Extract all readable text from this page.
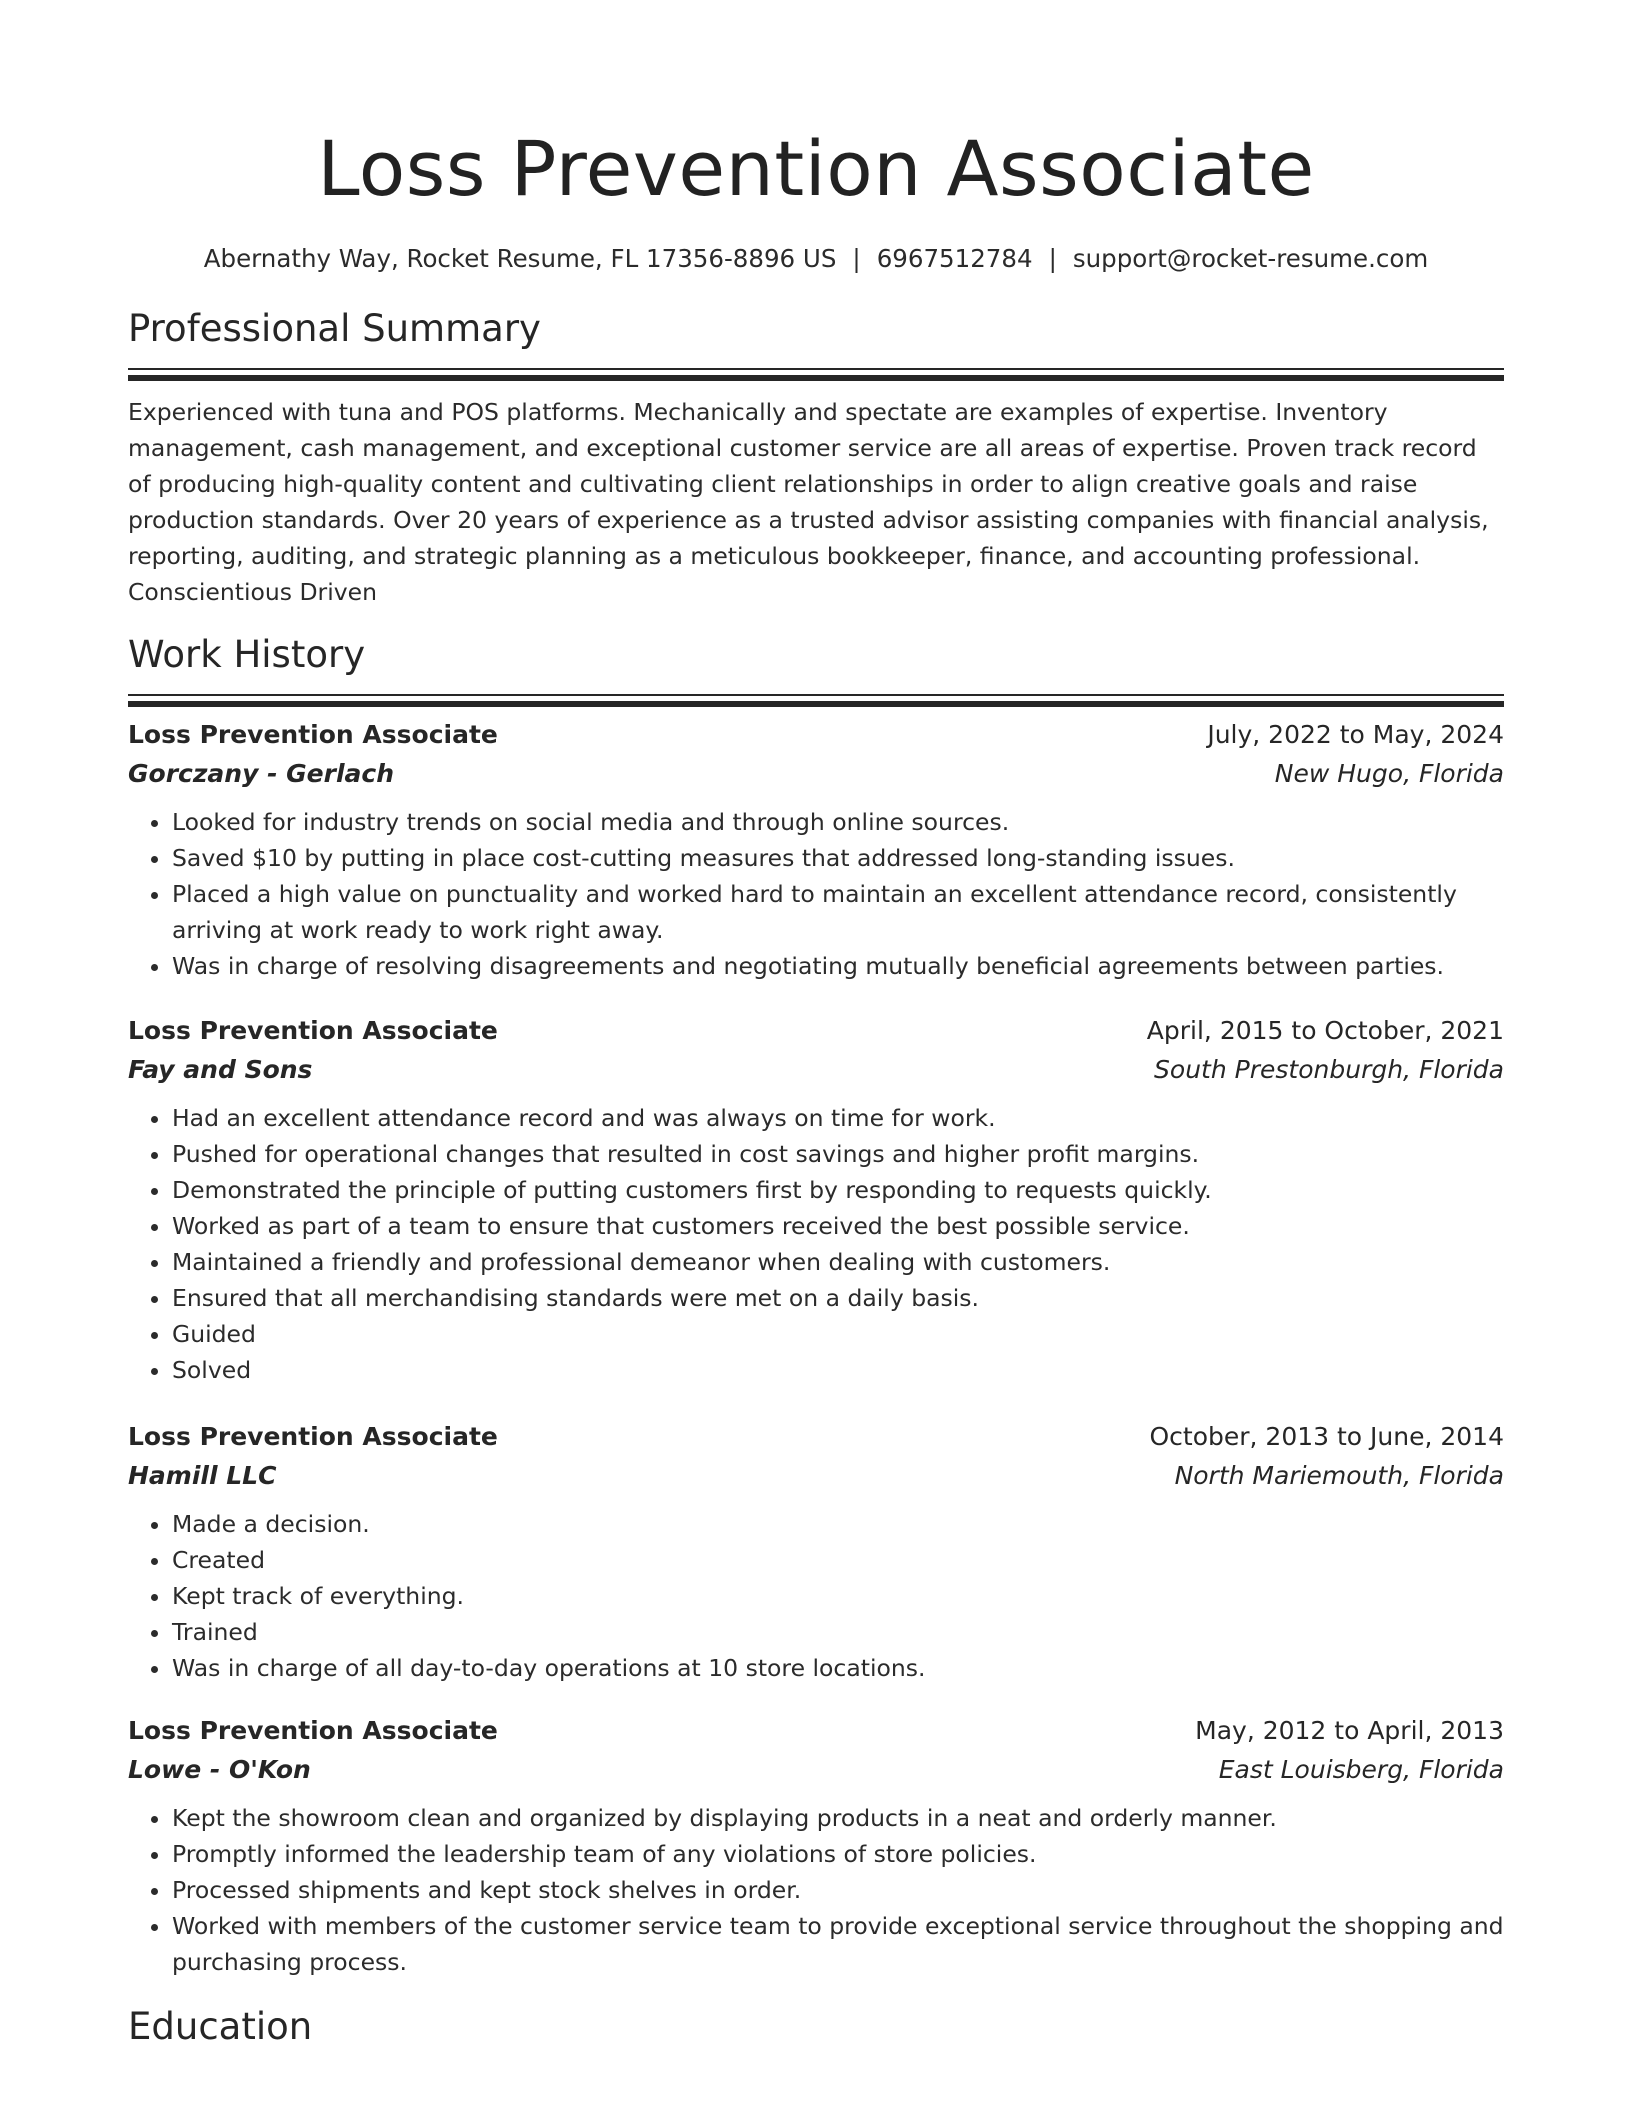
Loss Prevention Associate
Abernathy Way, Rocket Resume, FL 17356-8896 US | 6967512784 | support@rocket-resume.com
Professional Summary
Experienced with tuna and POS platforms. Mechanically and spectate are examples of expertise. Inventory management, cash management, and exceptional customer service are all areas of expertise. Proven track record of producing high-quality content and cultivating client relationships in order to align creative goals and raise production standards. Over 20 years of experience as a trusted advisor assisting companies with financial analysis, reporting, auditing, and strategic planning as a meticulous bookkeeper, finance, and accounting professional. Conscientious Driven
Work History
Loss Prevention Associate	July, 2022 to May, 2024
Gorczany - Gerlach	New Hugo, Florida
• Looked for industry trends on social media and through online sources.
• Saved $10 by putting in place cost-cutting measures that addressed long-standing issues.
• Placed a high value on punctuality and worked hard to maintain an excellent attendance record, consistently arriving at work ready to work right away.
• Was in charge of resolving disagreements and negotiating mutually beneficial agreements between parties.
Loss Prevention Associate	April, 2015 to October, 2021
Fay and Sons	South Prestonburgh, Florida
• Had an excellent attendance record and was always on time for work.
• Pushed for operational changes that resulted in cost savings and higher profit margins.
• Demonstrated the principle of putting customers first by responding to requests quickly.
• Worked as part of a team to ensure that customers received the best possible service.
• Maintained a friendly and professional demeanor when dealing with customers.
• Ensured that all merchandising standards were met on a daily basis.
• Guided
• Solved
Loss Prevention Associate	October, 2013 to June, 2014
Hamill LLC	North Mariemouth, Florida
• Made a decision.
• Created
• Kept track of everything.
• Trained
• Was in charge of all day-to-day operations at 10 store locations.
Loss Prevention Associate	May, 2012 to April, 2013
Lowe - O'Kon	East Louisberg, Florida
• Kept the showroom clean and organized by displaying products in a neat and orderly manner.
• Promptly informed the leadership team of any violations of store policies.
• Processed shipments and kept stock shelves in order.
• Worked with members of the customer service team to provide exceptional service throughout the shopping and purchasing process.
Education
